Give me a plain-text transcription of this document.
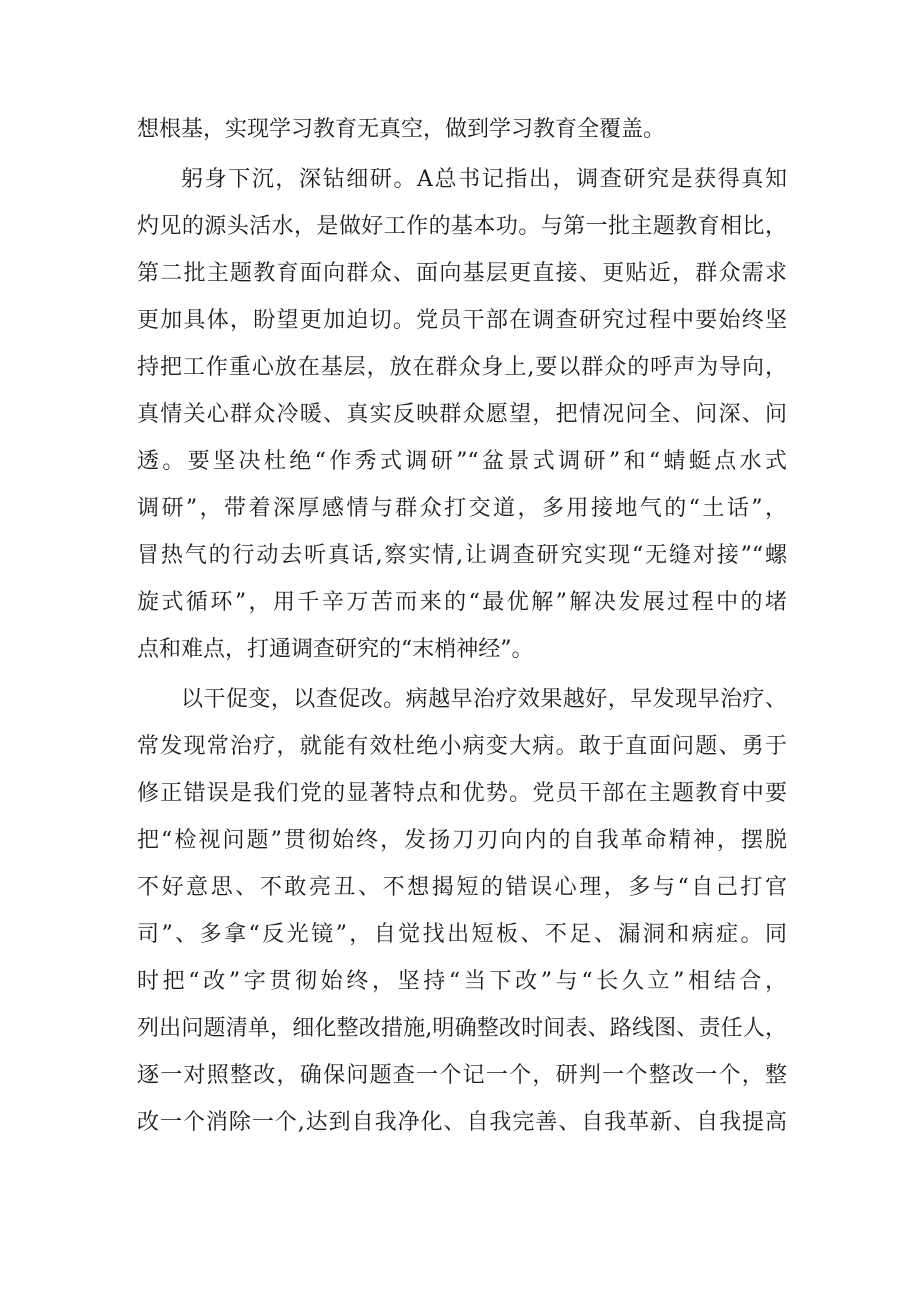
想根基，实现学习教育无真空，做到学习教育全覆盖。
躬身下沉，深钻细研。A总书记指出，调查研究是获得真知
灼见的源头活水，是做好工作的基本功。与第一批主题教育相比，
第二批主题教育面向群众、面向基层更直接、更贴近，群众需求
更加具体，盼望更加迫切。党员干部在调查研究过程中要始终坚
持把工作重心放在基层，放在群众身上,要以群众的呼声为导向，
真情关心群众冷暖、真实反映群众愿望，把情况问全、问深、问
透。要坚决杜绝“作秀式调研”“盆景式调研”和“蜻蜓点水式
调研”，带着深厚感情与群众打交道，多用接地气的“土话”，
冒热气的行动去听真话,察实情,让调查研究实现“无缝对接”“螺
旋式循环”，用千辛万苦而来的“最优解”解决发展过程中的堵
点和难点，打通调查研究的“末梢神经”。
以干促变，以查促改。病越早治疗效果越好，早发现早治疗、
常发现常治疗，就能有效杜绝小病变大病。敢于直面问题、勇于
修正错误是我们党的显著特点和优势。党员干部在主题教育中要
把“检视问题”贯彻始终，发扬刀刃向内的自我革命精神，摆脱
不好意思、不敢亮丑、不想揭短的错误心理，多与“自己打官
司”、多拿“反光镜”，自觉找出短板、不足、漏洞和病症。同
时把“改”字贯彻始终，坚持“当下改”与“长久立”相结合，
列出问题清单，细化整改措施,明确整改时间表、路线图、责任人，
逐一对照整改，确保问题查一个记一个，研判一个整改一个，整
改一个消除一个,达到自我净化、自我完善、自我革新、自我提高
